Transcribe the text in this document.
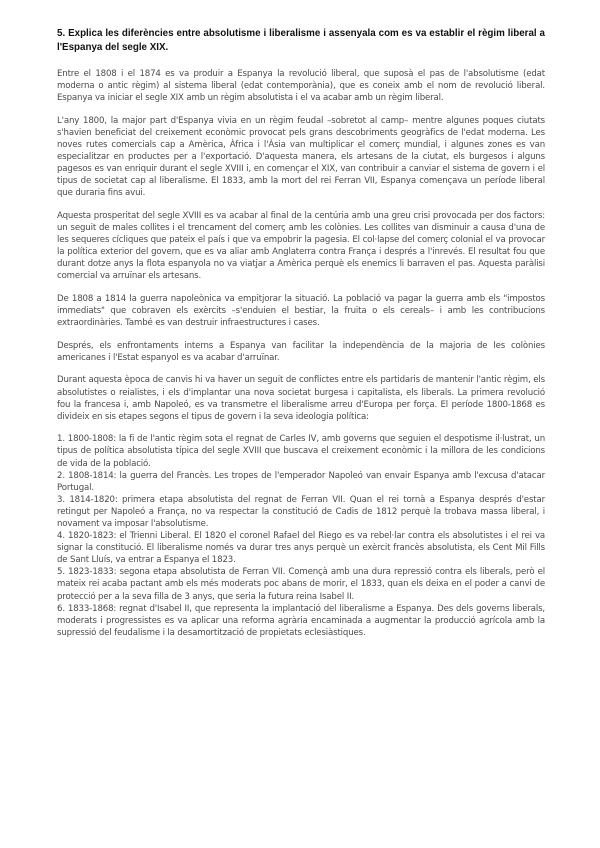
5. Explica les diferències entre absolutisme i liberalisme i assenyala com es va establir el règim liberal a l'Espanya del segle XIX.

Entre el 1808 i el 1874 es va produir a Espanya la revolució liberal, que suposà el pas de l'absolutisme (edat moderna o antic règim) al sistema liberal (edat contemporània), que es coneix amb el nom de revolució liberal. Espanya va iniciar el segle XIX amb un règim absolutista i el va acabar amb un règim liberal.

L'any 1800, la major part d'Espanya vivia en un règim feudal –sobretot al camp– mentre algunes poques ciutats s'havien beneficiat del creixement econòmic provocat pels grans descobriments geogràfics de l'edat moderna. Les noves rutes comercials cap a Amèrica, Àfrica i l'Àsia van multiplicar el comerç mundial, i algunes zones es van especialitzar en productes per a l'exportació. D'aquesta manera, els artesans de la ciutat, els burgesos i alguns pagesos es van enriquir durant el segle XVIII i, en començar el XIX, van contribuir a canviar el sistema de govern i el tipus de societat cap al liberalisme. El 1833, amb la mort del rei Ferran VII, Espanya començava un període liberal que duraria fins avui.

Aquesta prosperitat del segle XVIII es va acabar al final de la centúria amb una greu crisi provocada per dos factors: un seguit de males collites i el trencament del comerç amb les colònies. Les collites van disminuir a causa d'una de les sequeres cícliques que pateix el país i que va empobrir la pagesia. El col·lapse del comerç colonial el va provocar la política exterior del govern, que es va aliar amb Anglaterra contra França i després a l'inrevés. El resultat fou que durant dotze anys la flota espanyola no va viatjar a Amèrica perquè els enemics li barraven el pas. Aquesta paràlisi comercial va arruïnar els artesans.

De 1808 a 1814 la guerra napoleònica va empitjorar la situació. La població va pagar la guerra amb els "impostos immediats" que cobraven els exèrcits –s'enduien el bestiar, la fruita o els cereals– i amb les contribucions extraordinàries. També es van destruir infraestructures i cases.

Després, els enfrontaments interns a Espanya van facilitar la independència de la majoria de les colònies americanes i l'Estat espanyol es va acabar d'arruïnar.

Durant aquesta època de canvis hi va haver un seguit de conflictes entre els partidaris de mantenir l'antic règim, els absolutistes o reialistes, i els d'implantar una nova societat burgesa i capitalista, els liberals. La primera revolució fou la francesa i, amb Napoleó, es va transmetre el liberalisme arreu d'Europa per força. El període 1800-1868 es divideix en sis etapes segons el tipus de govern i la seva ideologia política:

1. 1800-1808: la fi de l'antic règim sota el regnat de Carles IV, amb governs que seguien el despotisme il·lustrat, un tipus de política absolutista típica del segle XVIII que buscava el creixement econòmic i la millora de les condicions de vida de la població.
2. 1808-1814: la guerra del Francès. Les tropes de l'emperador Napoleó van envair Espanya amb l'excusa d'atacar Portugal.
3. 1814-1820: primera etapa absolutista del regnat de Ferran VII. Quan el rei tornà a Espanya després d'estar retingut per Napoleó a França, no va respectar la constitució de Cadis de 1812 perquè la trobava massa liberal, i novament va imposar l'absolutisme.
4. 1820-1823: el Trienni Liberal. El 1820 el coronel Rafael del Riego es va rebel·lar contra els absolutistes i el rei va signar la constitució. El liberalisme només va durar tres anys perquè un exèrcit francès absolutista, els Cent Mil Fills de Sant Lluís, va entrar a Espanya el 1823.
5. 1823-1833: segona etapa absolutista de Ferran VII. Començà amb una dura repressió contra els liberals, però el mateix rei acaba pactant amb els més moderats poc abans de morir, el 1833, quan els deixa en el poder a canvi de protecció per a la seva filla de 3 anys, que seria la futura reina Isabel II.
6. 1833-1868: regnat d'Isabel II, que representa la implantació del liberalisme a Espanya. Des dels governs liberals, moderats i progressistes es va aplicar una reforma agrària encaminada a augmentar la producció agrícola amb la supressió del feudalisme i la desamortització de propietats eclesiàstiques.
